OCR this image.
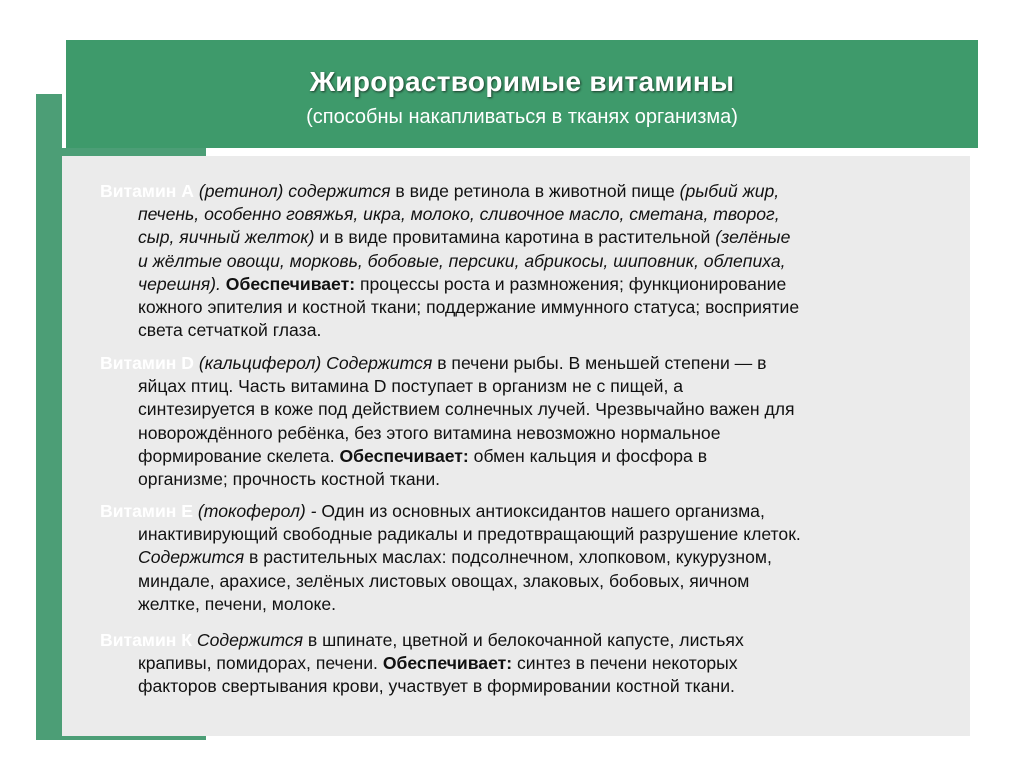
Жирорастворимые витамины
(способны накапливаться в тканях организма)
Витамин А (ретинол) содержится в виде ретинола в животной пище (рыбий жир,
печень, особенно говяжья, икра, молоко, сливочное масло, сметана, творог,
сыр, яичный желток) и в виде провитамина каротина в растительной (зелёные
и жёлтые овощи, морковь, бобовые, персики, абрикосы, шиповник, облепиха,
черешня). Обеспечивает: процессы роста и размножения; функционирование
кожного эпителия и костной ткани; поддержание иммунного статуса; восприятие
света сетчаткой глаза.
Витамин D (кальциферол) Содержится в печени рыбы. В меньшей степени — в
яйцах птиц. Часть витамина D поступает в организм не с пищей, а
синтезируется в коже под действием солнечных лучей. Чрезвычайно важен для
новорождённого ребёнка, без этого витамина невозможно нормальное
формирование скелета. Обеспечивает: обмен кальция и фосфора в
организме; прочность костной ткани.
Витамин Е (токоферол) - Один из основных антиоксидантов нашего организма,
инактивирующий свободные радикалы и предотвращающий разрушение клеток.
Содержится в растительных маслах: подсолнечном, хлопковом, кукурузном,
миндале, арахисе, зелёных листовых овощах, злаковых, бобовых, яичном
желтке, печени, молоке.
Витамин К Содержится в шпинате, цветной и белокочанной капусте, листьях
крапивы, помидорах, печени. Обеспечивает: синтез в печени некоторых
факторов свертывания крови, участвует в формировании костной ткани.
